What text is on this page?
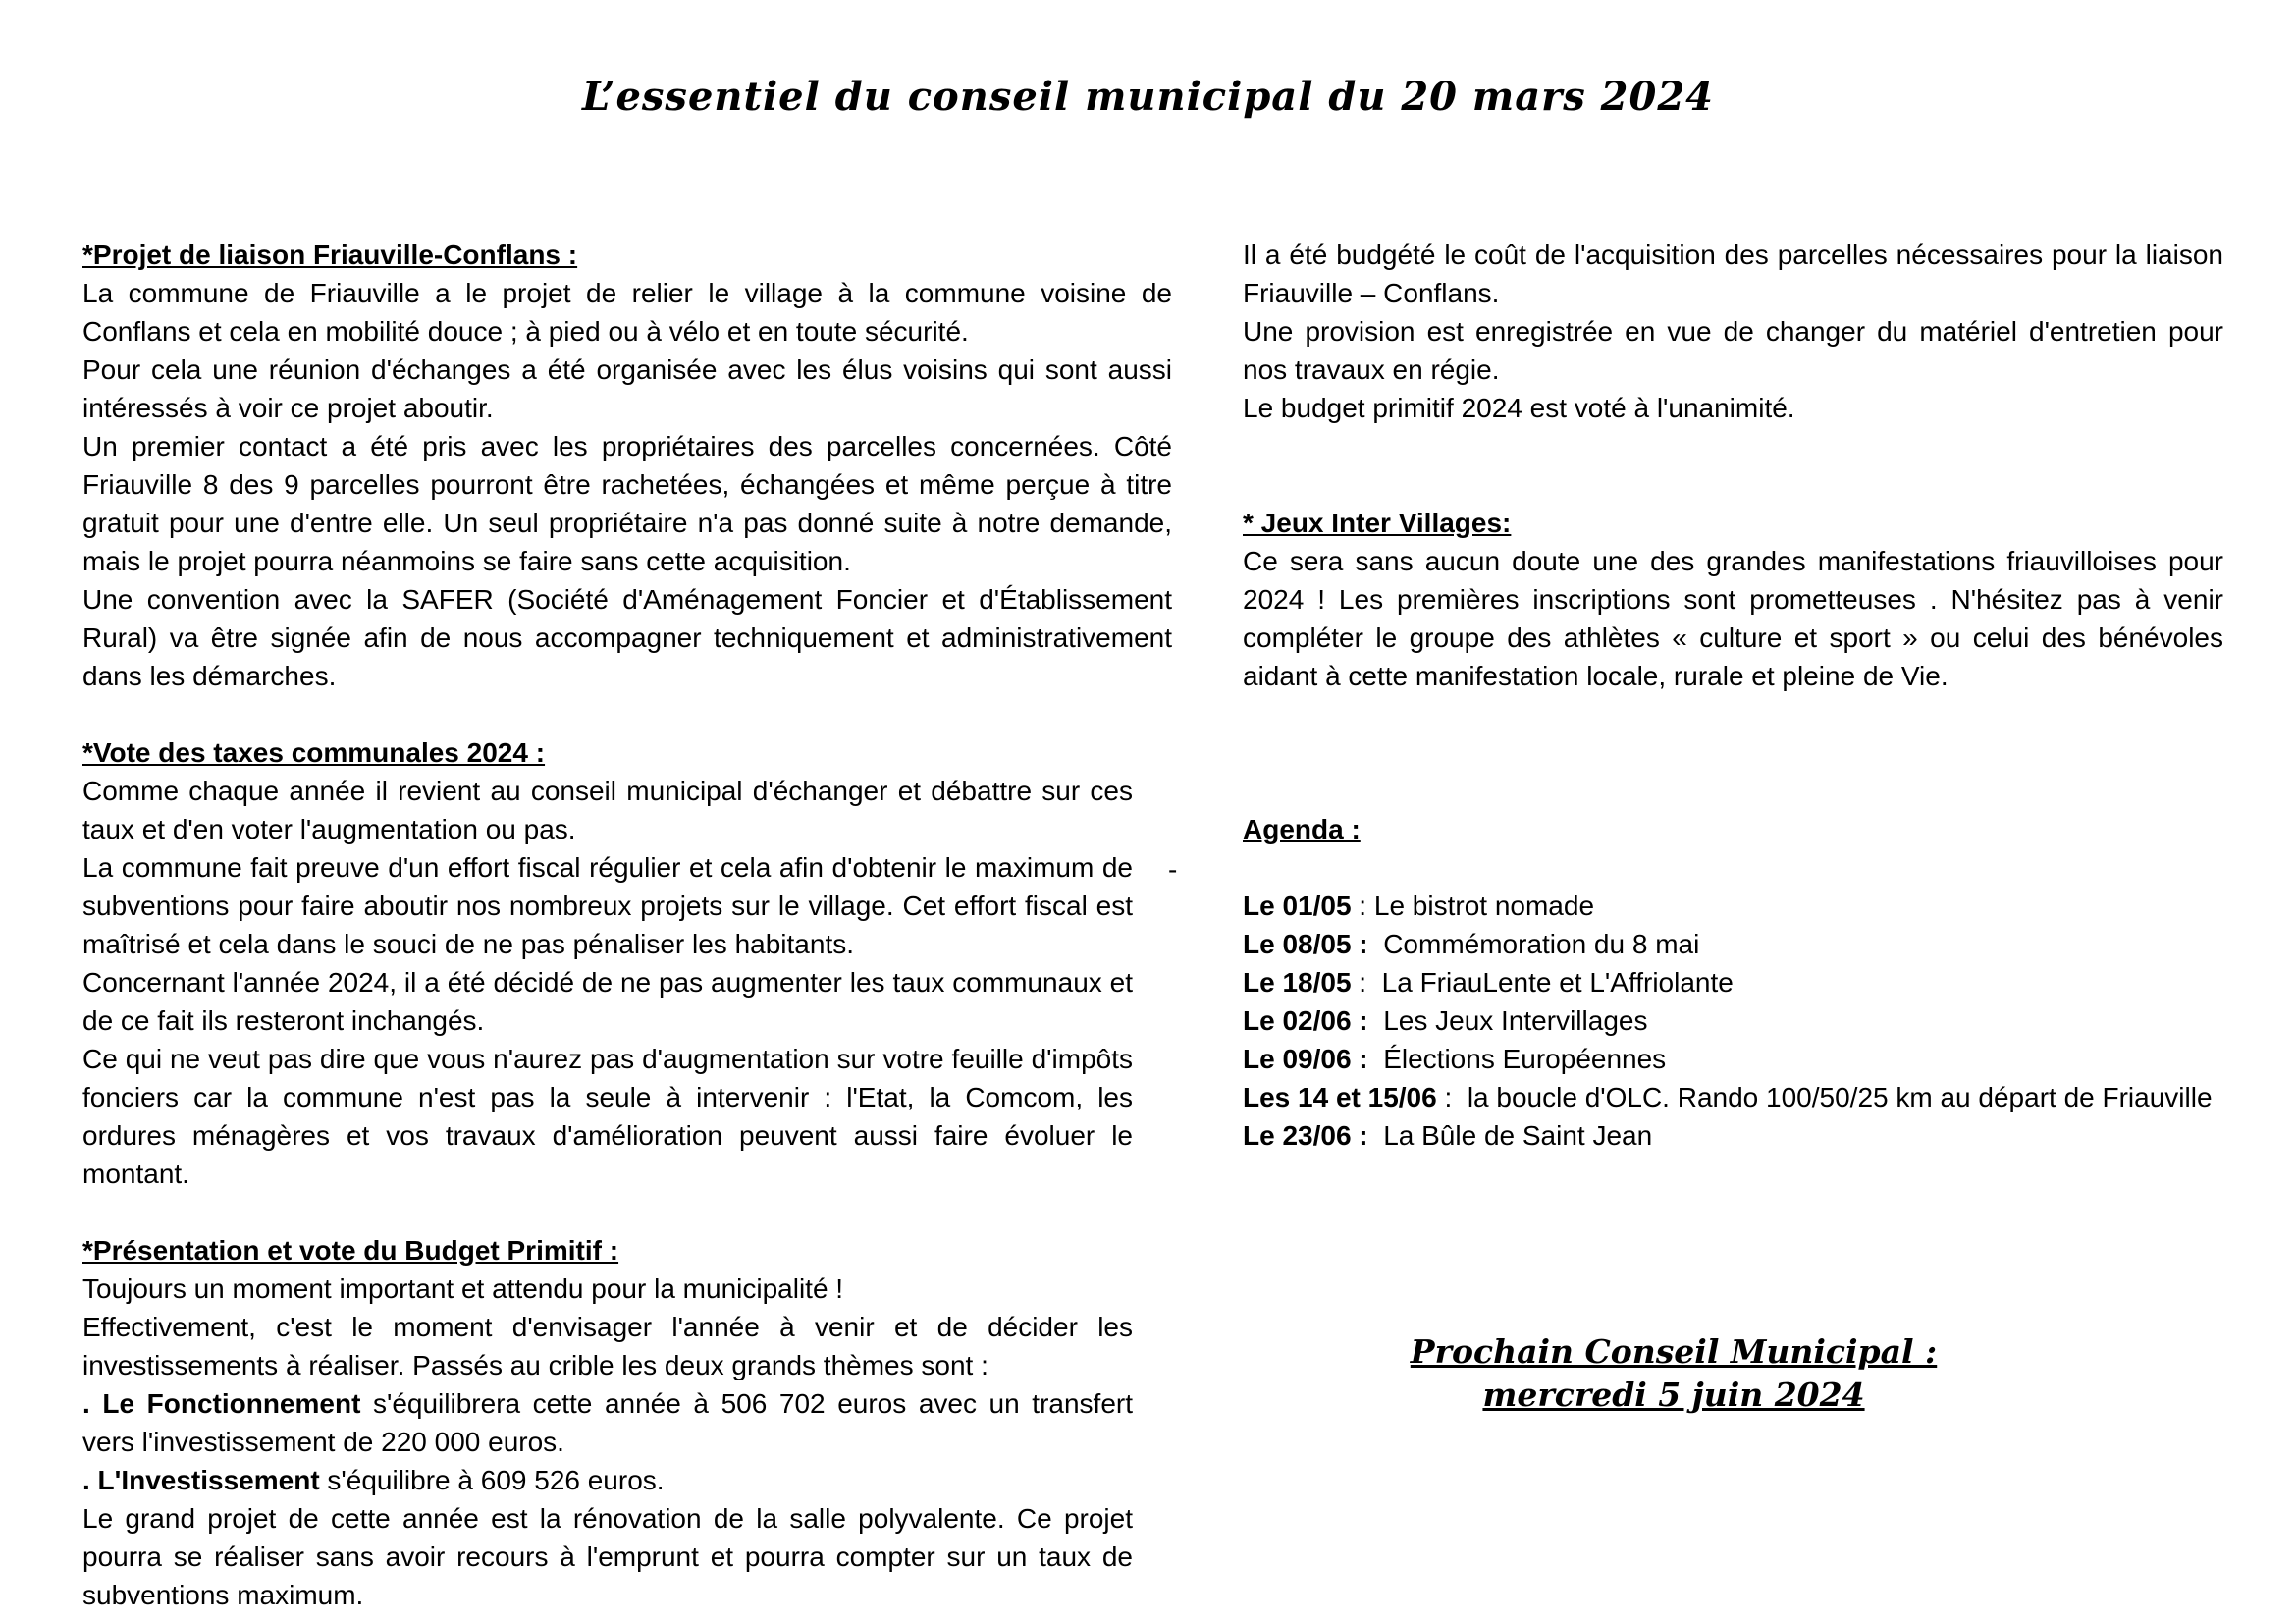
L’essentiel du conseil municipal du 20 mars 2024

*Projet de liaison Friauville-Conflans :

La commune de Friauville a le projet de relier le village à la commune voisine de Conflans et cela en mobilité douce ; à pied ou à vélo et en toute sécurité.

Pour cela une réunion d'échanges a été organisée avec les élus voisins qui sont aussi intéressés à voir ce projet aboutir.

Un premier contact a été pris avec les propriétaires des parcelles concernées. Côté Friauville 8 des 9 parcelles pourront être rachetées, échangées et même perçue à titre gratuit pour une d'entre elle. Un seul propriétaire n'a pas donné suite à notre demande, mais le projet pourra néanmoins se faire sans cette acquisition.

Une convention avec la SAFER (Société d'Aménagement Foncier et d'Établissement Rural) va être signée afin de nous accompagner techniquement et administrativement dans les démarches.

*Vote des taxes communales 2024 :

Comme chaque année il revient au conseil municipal d'échanger et débattre sur ces taux et d'en voter l'augmentation ou pas.

La commune fait preuve d'un effort fiscal régulier et cela afin d'obtenir le maximum de subventions pour faire aboutir nos nombreux projets sur le village. Cet effort fiscal est maîtrisé et cela dans le souci de ne pas pénaliser les habitants.

Concernant l'année 2024, il a été décidé de ne pas augmenter les taux communaux et de ce fait ils resteront inchangés.

Ce qui ne veut pas dire que vous n'aurez pas d'augmentation sur votre feuille d'impôts fonciers car la commune n'est pas la seule à intervenir : l'Etat, la Comcom, les ordures ménagères et vos travaux d'amélioration peuvent aussi faire évoluer le montant.

*Présentation et vote du Budget Primitif :

Toujours un moment important et attendu pour la municipalité !

Effectivement, c'est le moment d'envisager l'année à venir et de décider les investissements à réaliser. Passés au crible les deux grands thèmes sont :

. Le Fonctionnement s'équilibrera cette année à 506 702 euros avec un transfert vers l'investissement de 220 000 euros.

. L'Investissement s'équilibre à 609 526 euros.

Le grand projet de cette année est la rénovation de la salle polyvalente. Ce projet pourra se réaliser sans avoir recours à l'emprunt et pourra compter sur un taux de subventions maximum.

-

Il a été budgété le coût de l'acquisition des parcelles nécessaires pour la liaison Friauville – Conflans.

Une provision est enregistrée en vue de changer du matériel d'entretien pour nos travaux en régie.

Le budget primitif 2024 est voté à l'unanimité.

* Jeux Inter Villages:

Ce sera sans aucun doute une des grandes manifestations friauvilloises pour 2024 ! Les premières inscriptions sont prometteuses . N'hésitez pas à venir compléter le groupe des athlètes « culture et sport » ou celui des bénévoles aidant à cette manifestation locale, rurale et pleine de Vie.

Agenda :

Le 01/05 : Le bistrot nomade

Le 08/05 : Commémoration du 8 mai

Le 18/05 :  La FriauLente et L'Affriolante

Le 02/06 : Les Jeux Intervillages

Le 09/06 : Élections Européennes

Les 14 et 15/06 :  la boucle d'OLC. Rando 100/50/25 km au départ de Friauville

Le 23/06 : La Bûle de Saint Jean

Prochain Conseil Municipal :
mercredi 5 juin 2024
